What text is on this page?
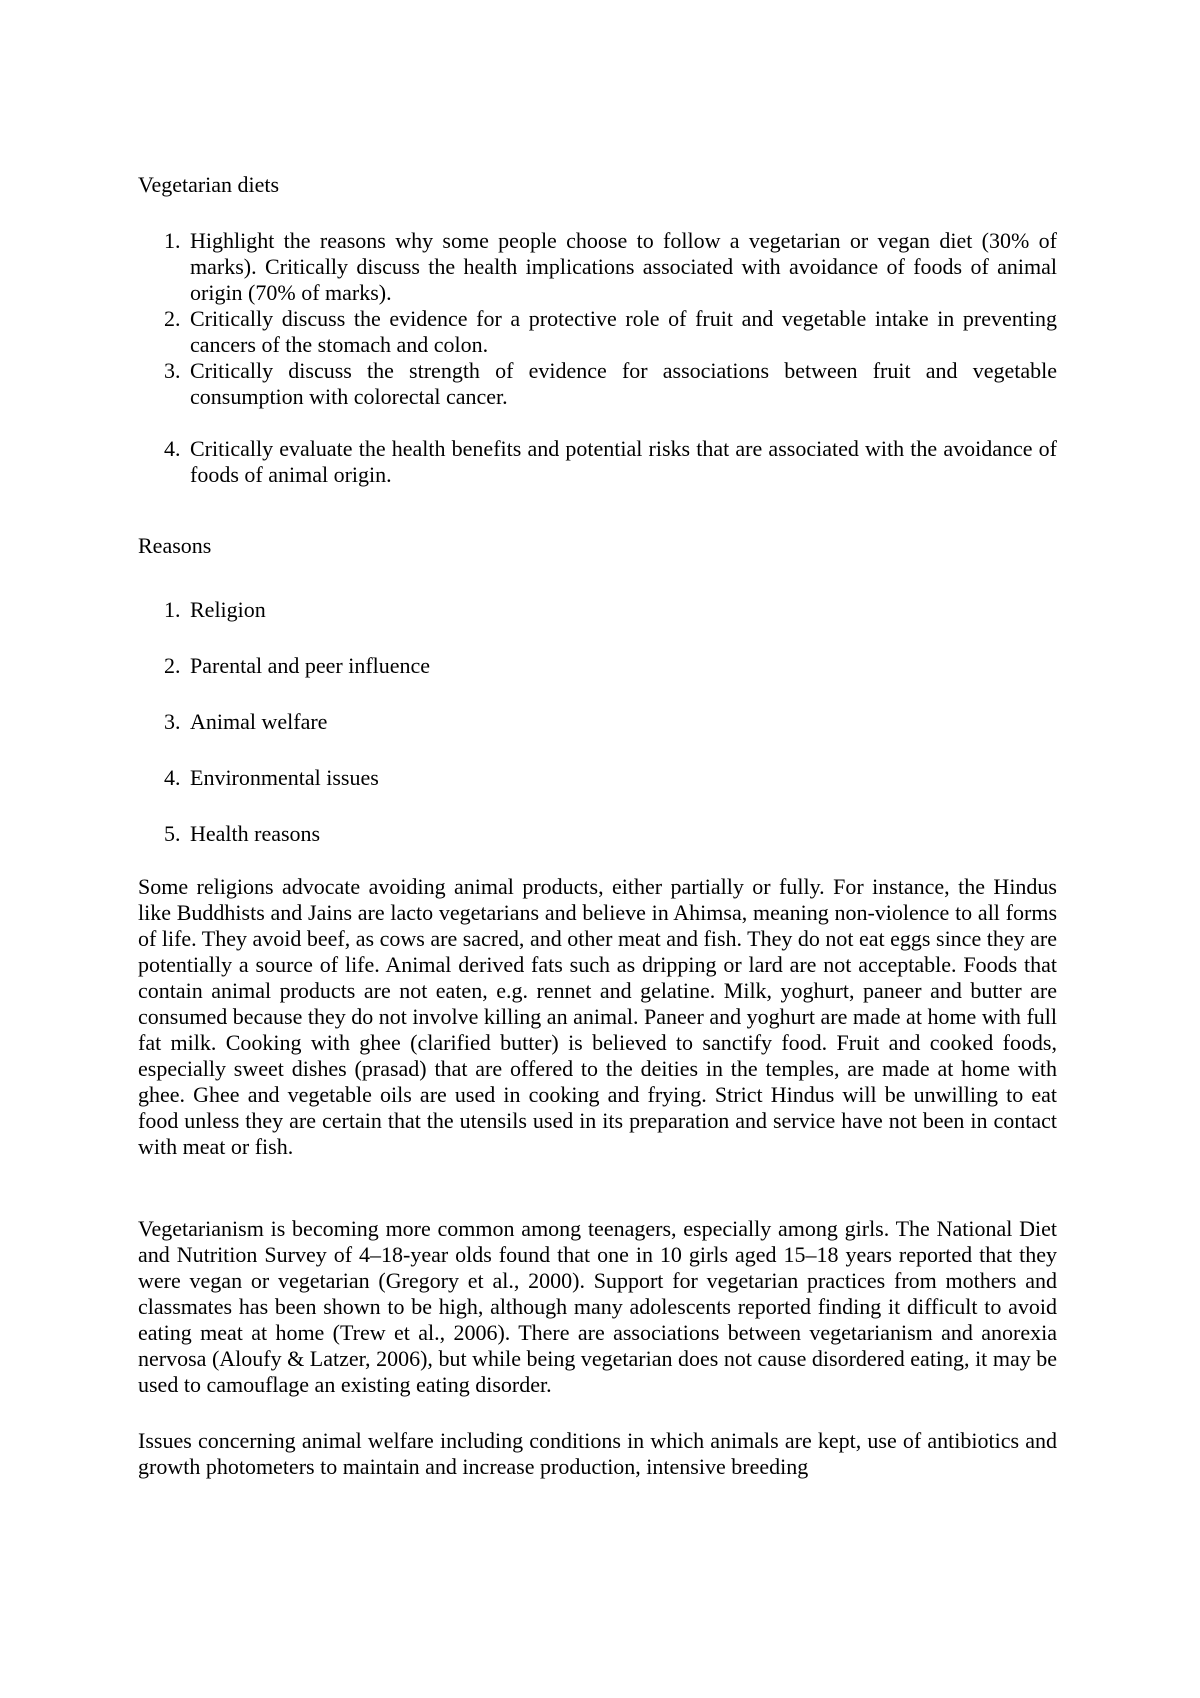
Vegetarian diets
1. Highlight the reasons why some people choose to follow a vegetarian or vegan diet (30% of marks). Critically discuss the health implications associated with avoidance of foods of animal origin (70% of marks).
2. Critically discuss the evidence for a protective role of fruit and vegetable intake in preventing cancers of the stomach and colon.
3. Critically discuss the strength of evidence for associations between fruit and vegetable consumption with colorectal cancer.
4. Critically evaluate the health benefits and potential risks that are associated with the avoidance of foods of animal origin.
Reasons
1. Religion
2. Parental and peer influence
3. Animal welfare
4. Environmental issues
5. Health reasons

Some religions advocate avoiding animal products, either partially or fully. For instance, the Hindus like Buddhists and Jains are lacto vegetarians and believe in Ahimsa, meaning non-violence to all forms of life. They avoid beef, as cows are sacred, and other meat and fish. They do not eat eggs since they are potentially a source of life. Animal derived fats such as dripping or lard are not acceptable. Foods that contain animal products are not eaten, e.g. rennet and gelatine. Milk, yoghurt, paneer and butter are consumed because they do not involve killing an animal. Paneer and yoghurt are made at home with full fat milk. Cooking with ghee (clarified butter) is believed to sanctify food. Fruit and cooked foods, especially sweet dishes (prasad) that are offered to the deities in the temples, are made at home with ghee. Ghee and vegetable oils are used in cooking and frying. Strict Hindus will be unwilling to eat food unless they are certain that the utensils used in its preparation and service have not been in contact with meat or fish.

Vegetarianism is becoming more common among teenagers, especially among girls. The National Diet and Nutrition Survey of 4–18-year olds found that one in 10 girls aged 15–18 years reported that they were vegan or vegetarian (Gregory et al., 2000). Support for vegetarian practices from mothers and classmates has been shown to be high, although many adolescents reported finding it difficult to avoid eating meat at home (Trew et al., 2006). There are associations between vegetarianism and anorexia nervosa (Aloufy & Latzer, 2006), but while being vegetarian does not cause disordered eating, it may be used to camouflage an existing eating disorder.

Issues concerning animal welfare including conditions in which animals are kept, use of antibiotics and growth photometers to maintain and increase production, intensive breeding
